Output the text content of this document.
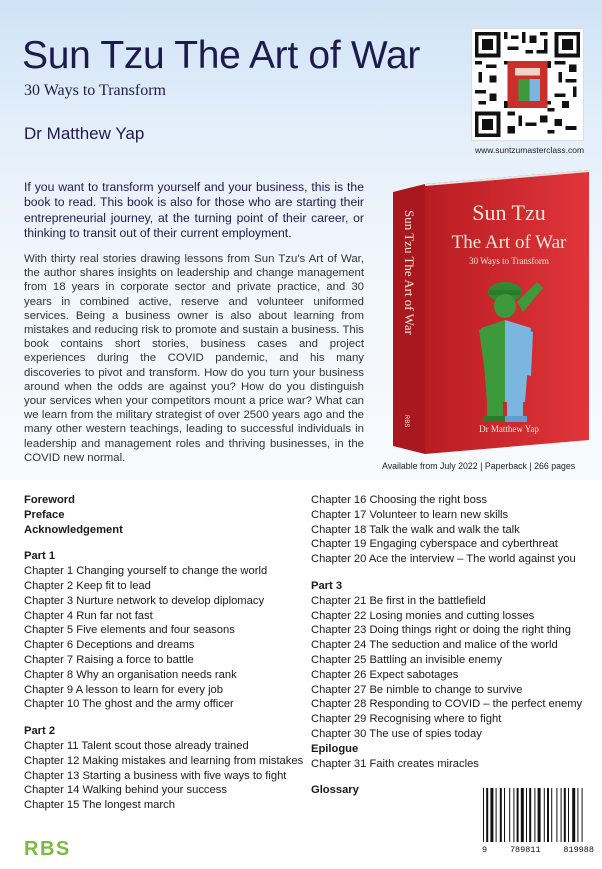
Sun Tzu The Art of War
30 Ways to Transform
Dr Matthew Yap
www.suntzumasterclass.com

If you want to transform yourself and your business, this is the book to read. This book is also for those who are starting their entrepreneurial journey, at the turning point of their career, or thinking to transit out of their current employment.

With thirty real stories drawing lessons from Sun Tzu's Art of War, the author shares insights on leadership and change management from 18 years in corporate sector and private practice, and 30 years in combined active, reserve and volunteer uniformed services. Being a business owner is also about learning from mistakes and reducing risk to promote and sustain a business. This book contains short stories, business cases and project experiences during the COVID pandemic, and his many discoveries to pivot and transform. How do you turn your business around when the odds are against you? How do you distinguish your services when your competitors mount a price war? What can we learn from the military strategist of over 2500 years ago and the many other western teachings, leading to successful individuals in leadership and management roles and thriving businesses, in the COVID new normal.

Sun Tzu The Art of War
RBS
Sun Tzu
The Art of War
30 Ways to Transform
Dr Matthew Yap
Available from July 2022 | Paperback | 266 pages
Foreword
Preface
Acknowledgement
Part 1
Chapter 1 Changing yourself to change the world
Chapter 2 Keep fit to lead
Chapter 3 Nurture network to develop diplomacy
Chapter 4 Run far not fast
Chapter 5 Five elements and four seasons
Chapter 6 Deceptions and dreams
Chapter 7 Raising a force to battle
Chapter 8 Why an organisation needs rank
Chapter 9 A lesson to learn for every job
Chapter 10 The ghost and the army officer
Part 2
Chapter 11 Talent scout those already trained
Chapter 12 Making mistakes and learning from mistakes
Chapter 13 Starting a business with five ways to fight
Chapter 14 Walking behind your success
Chapter 15 The longest march
Chapter 16 Choosing the right boss
Chapter 17 Volunteer to learn new skills
Chapter 18 Talk the walk and walk the talk
Chapter 19 Engaging cyberspace and cyberthreat
Chapter 20 Ace the interview – The world against you
Part 3
Chapter 21 Be first in the battlefield
Chapter 22 Losing monies and cutting losses
Chapter 23 Doing things right or doing the right thing
Chapter 24 The seduction and malice of the world
Chapter 25 Battling an invisible enemy
Chapter 26 Expect sabotages
Chapter 27 Be nimble to change to survive
Chapter 28 Responding to COVID – the perfect enemy
Chapter 29 Recognising where to fight
Chapter 30 The use of spies today
Epilogue
Chapter 31 Faith creates miracles
Glossary
RBS	9	789811	819988
